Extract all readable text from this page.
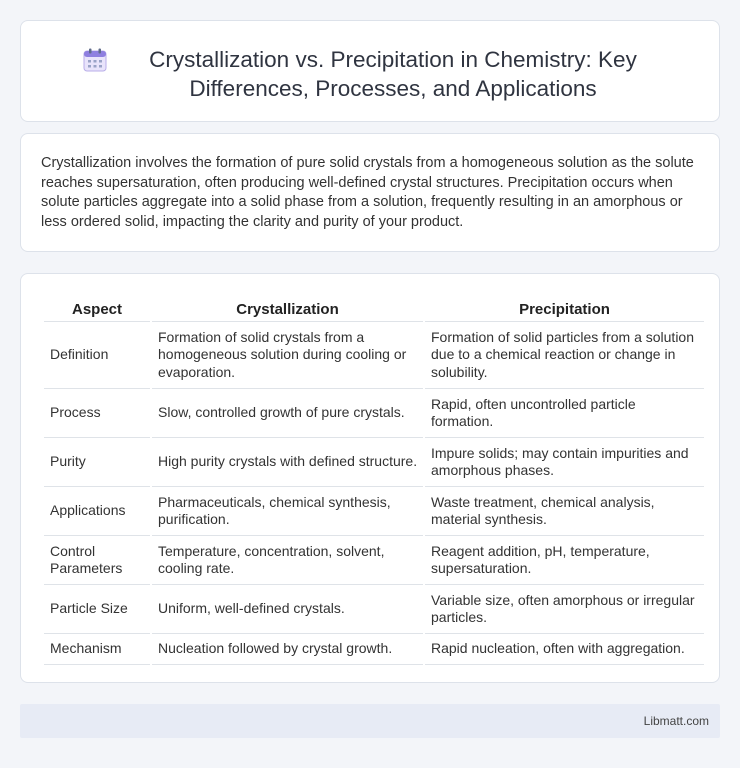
Crystallization vs. Precipitation in Chemistry: Key Differences, Processes, and Applications

Crystallization involves the formation of pure solid crystals from a homogeneous solution as the solute reaches supersaturation, often producing well-defined crystal structures. Precipitation occurs when solute particles aggregate into a solid phase from a solution, frequently resulting in an amorphous or less ordered solid, impacting the clarity and purity of your product.

Aspect	Crystallization	Precipitation
Definition	Formation of solid crystals from a homogeneous solution during cooling or evaporation.	Formation of solid particles from a solution due to a chemical reaction or change in solubility.
Process	Slow, controlled growth of pure crystals.	Rapid, often uncontrolled particle formation.
Purity	High purity crystals with defined structure.	Impure solids; may contain impurities and amorphous phases.
Applications	Pharmaceuticals, chemical synthesis, purification.	Waste treatment, chemical analysis, material synthesis.
Control Parameters	Temperature, concentration, solvent, cooling rate.	Reagent addition, pH, temperature, supersaturation.
Particle Size	Uniform, well-defined crystals.	Variable size, often amorphous or irregular particles.
Mechanism	Nucleation followed by crystal growth.	Rapid nucleation, often with aggregation.
Libmatt.com
